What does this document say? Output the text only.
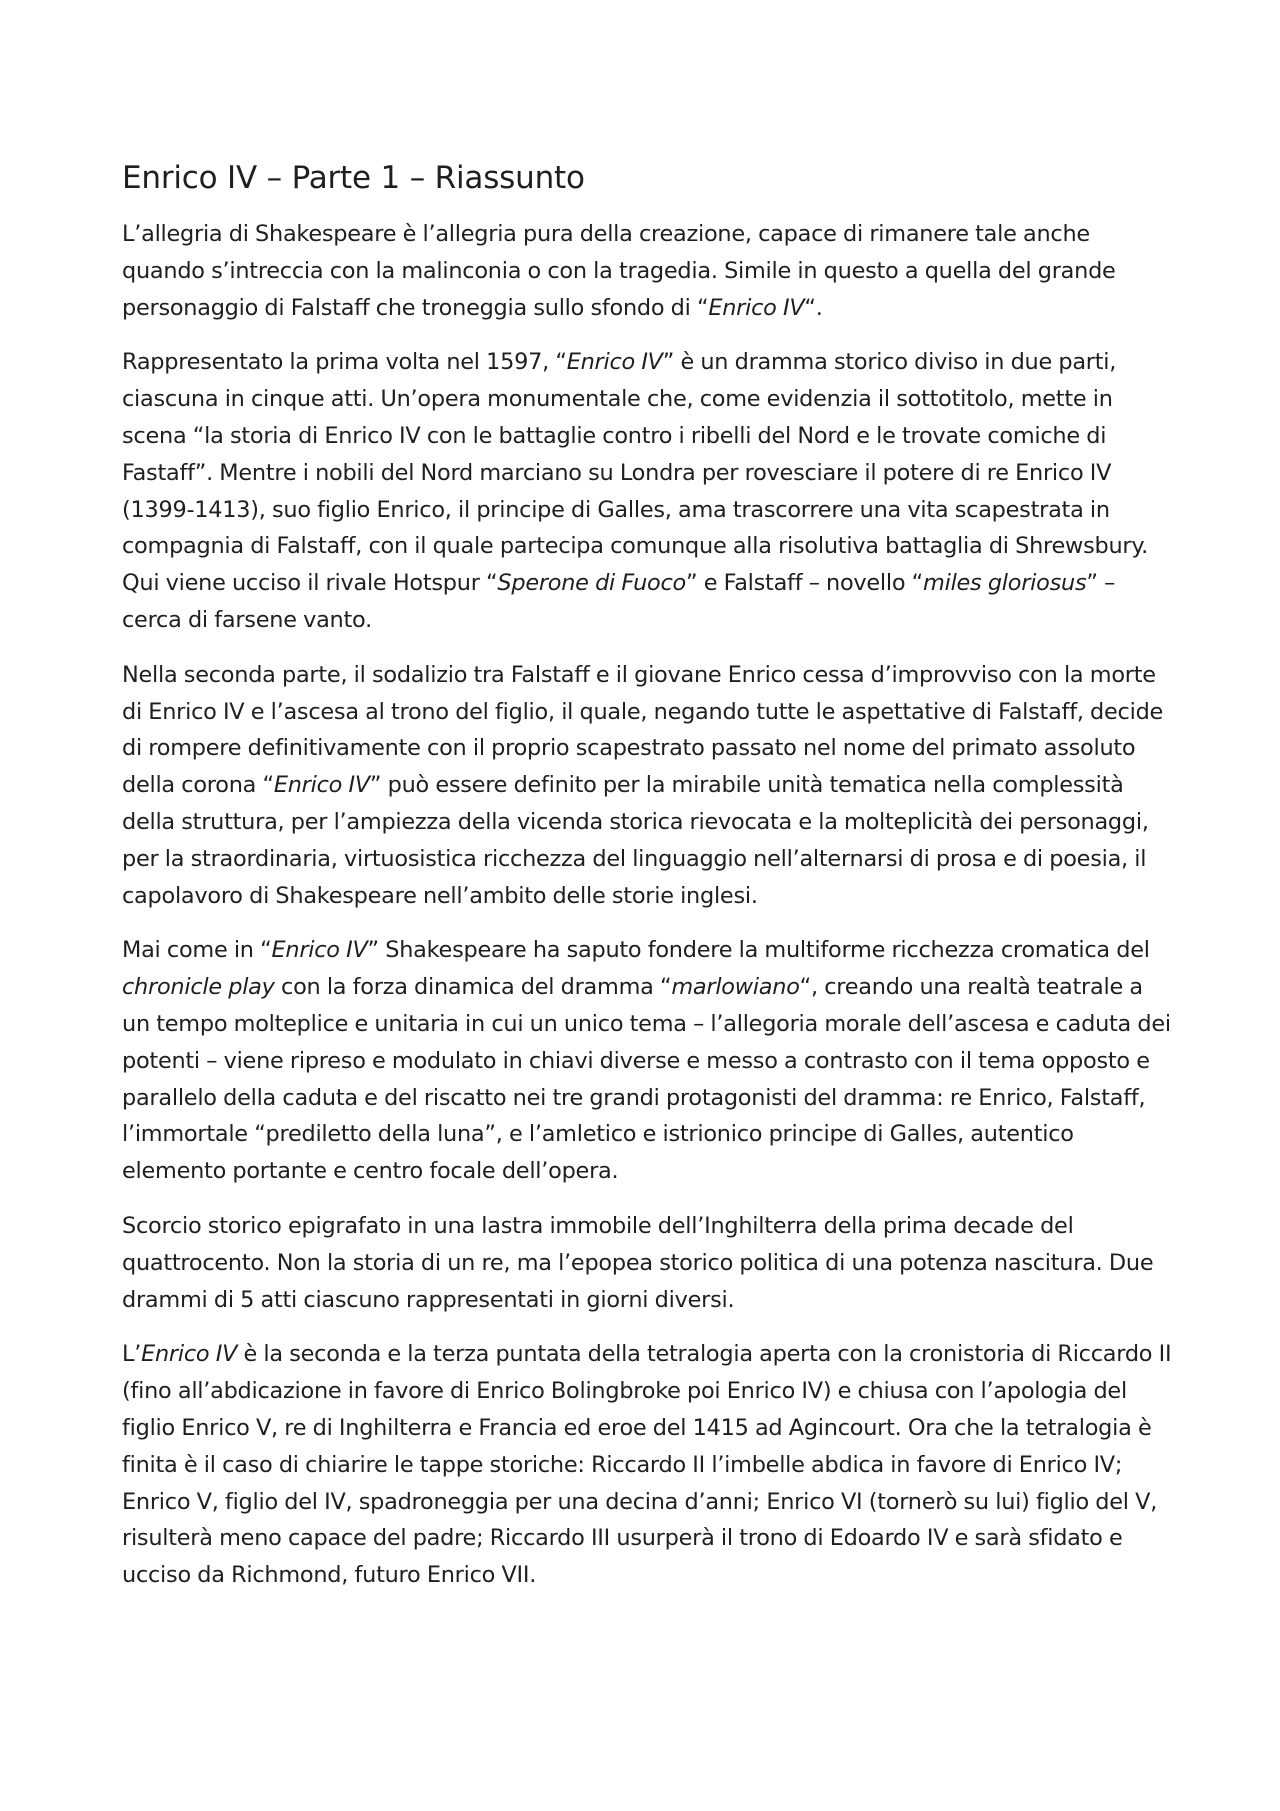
Enrico IV – Parte 1 – Riassunto

L’allegria di Shakespeare è l’allegria pura della creazione, capace di rimanere tale anche quando s’intreccia con la malinconia o con la tragedia. Simile in questo a quella del grande personaggio di Falstaff che troneggia sullo sfondo di “Enrico IV“.

Rappresentato la prima volta nel 1597, “Enrico IV” è un dramma storico diviso in due parti, ciascuna in cinque atti. Un’opera monumentale che, come evidenzia il sottotitolo, mette in scena “la storia di Enrico IV con le battaglie contro i ribelli del Nord e le trovate comiche di Fastaff”. Mentre i nobili del Nord marciano su Londra per rovesciare il potere di re Enrico IV (1399-1413), suo figlio Enrico, il principe di Galles, ama trascorrere una vita scapestrata in compagnia di Falstaff, con il quale partecipa comunque alla risolutiva battaglia di Shrewsbury. Qui viene ucciso il rivale Hotspur “Sperone di Fuoco” e Falstaff – novello “miles gloriosus” – cerca di farsene vanto.

Nella seconda parte, il sodalizio tra Falstaff e il giovane Enrico cessa d’improvviso con la morte di Enrico IV e l’ascesa al trono del figlio, il quale, negando tutte le aspettative di Falstaff, decide di rompere definitivamente con il proprio scapestrato passato nel nome del primato assoluto della corona “Enrico IV” può essere definito per la mirabile unità tematica nella complessità della struttura, per l’ampiezza della vicenda storica rievocata e la molteplicità dei personaggi, per la straordinaria, virtuosistica ricchezza del linguaggio nell’alternarsi di prosa e di poesia, il capolavoro di Shakespeare nell’ambito delle storie inglesi.

Mai come in “Enrico IV” Shakespeare ha saputo fondere la multiforme ricchezza cromatica del chronicle play con la forza dinamica del dramma “marlowiano“, creando una realtà teatrale a un tempo molteplice e unitaria in cui un unico tema – l’allegoria morale dell’ascesa e caduta dei potenti – viene ripreso e modulato in chiavi diverse e messo a contrasto con il tema opposto e parallelo della caduta e del riscatto nei tre grandi protagonisti del dramma: re Enrico, Falstaff, l’immortale “prediletto della luna”, e l’amletico e istrionico principe di Galles, autentico elemento portante e centro focale dell’opera.

Scorcio storico epigrafato in una lastra immobile dell’Inghilterra della prima decade del quattrocento. Non la storia di un re, ma l’epopea storico politica di una potenza nascitura. Due drammi di 5 atti ciascuno rappresentati in giorni diversi.

L’Enrico IV è la seconda e la terza puntata della tetralogia aperta con la cronistoria di Riccardo II (fino all’abdicazione in favore di Enrico Bolingbroke poi Enrico IV) e chiusa con l’apologia del figlio Enrico V, re di Inghilterra e Francia ed eroe del 1415 ad Agincourt. Ora che la tetralogia è finita è il caso di chiarire le tappe storiche: Riccardo II l’imbelle abdica in favore di Enrico IV; Enrico V, figlio del IV, spadroneggia per una decina d’anni; Enrico VI (tornerò su lui) figlio del V, risulterà meno capace del padre; Riccardo III usurperà il trono di Edoardo IV e sarà sfidato e ucciso da Richmond, futuro Enrico VII.
